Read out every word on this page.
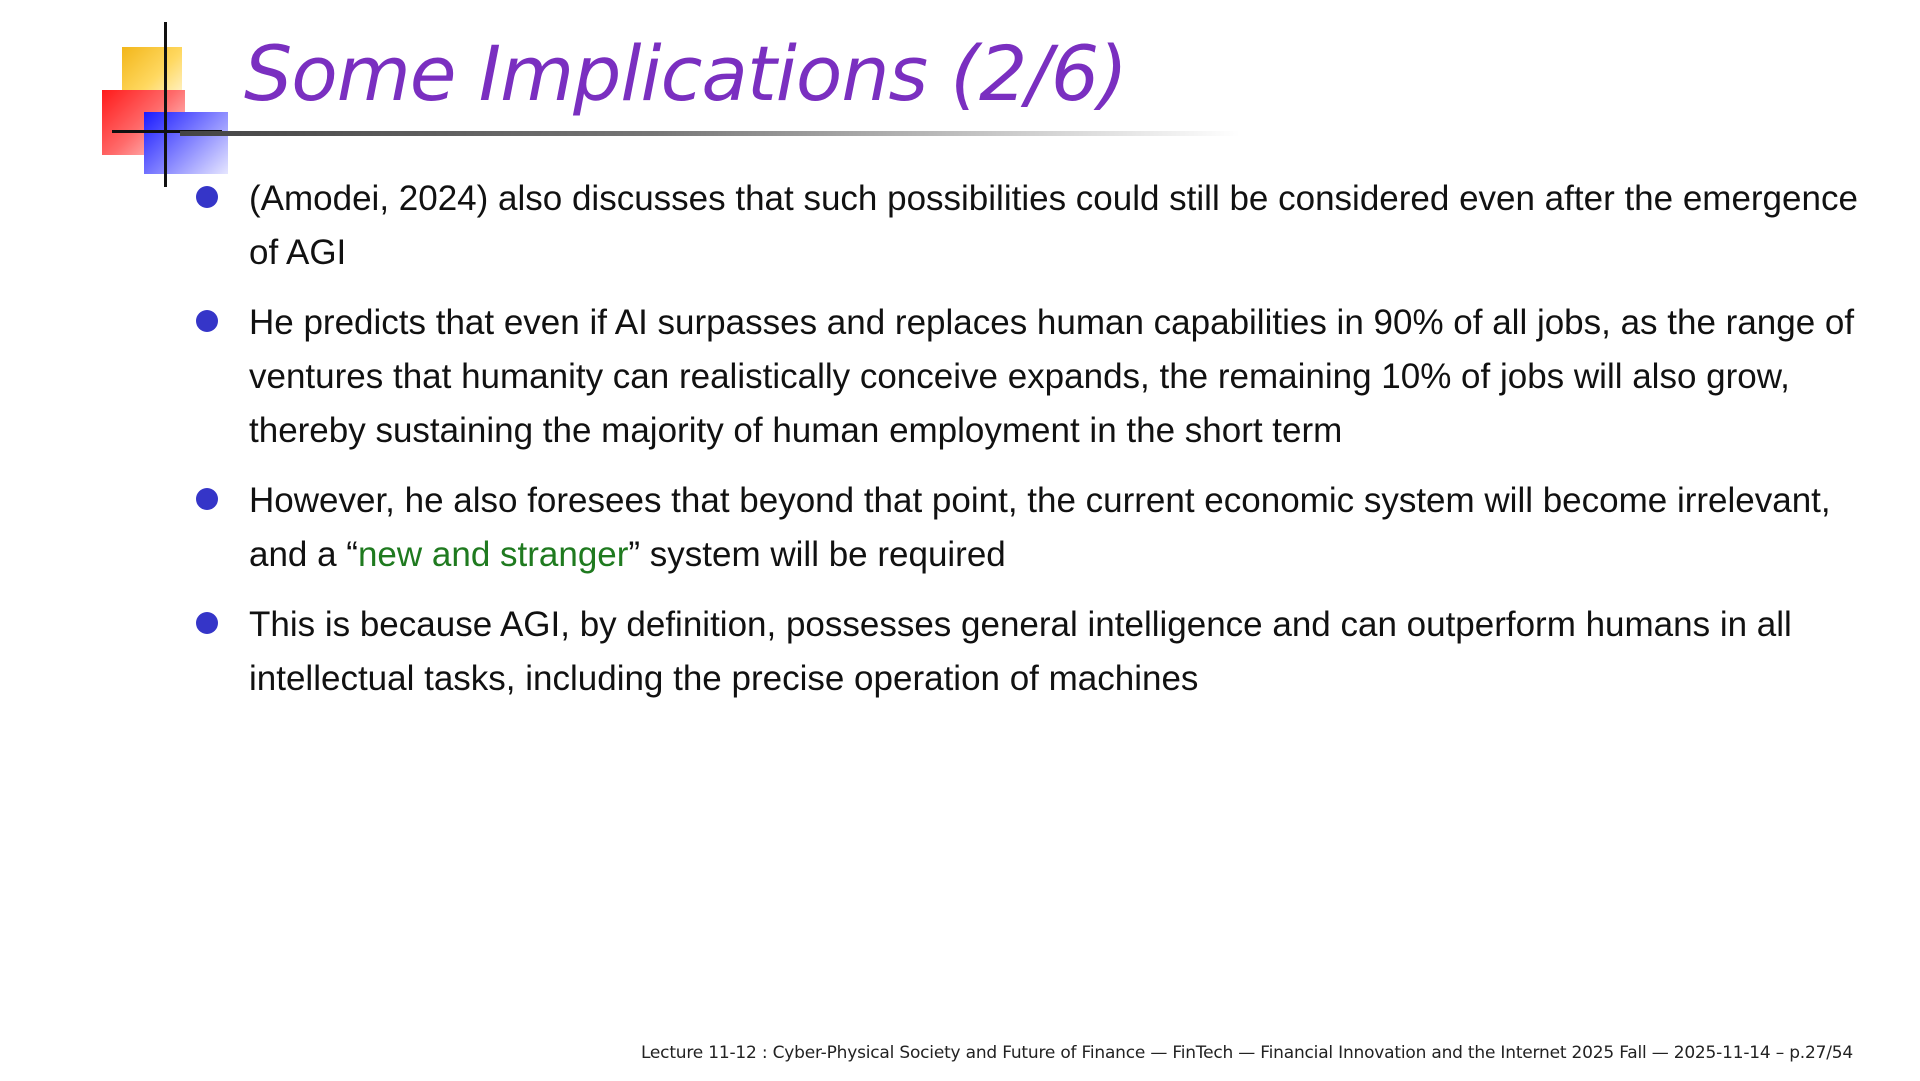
Some Implications (2/6)
(Amodei, 2024) also discusses that such possibilities could still be considered even after the emergence of AGI
He predicts that even if AI surpasses and replaces human capabilities in 90% of all jobs, as the range of ventures that humanity can realistically conceive expands, the remaining 10% of jobs will also grow, thereby sustaining the majority of human employment in the short term
However, he also foresees that beyond that point, the current economic system will become irrelevant, and a “new and stranger” system will be required
This is because AGI, by definition, possesses general intelligence and can outperform humans in all intellectual tasks, including the precise operation of machines
Lecture 11-12 : Cyber-Physical Society and Future of Finance — FinTech — Financial Innovation and the Internet 2025 Fall — 2025-11-14 – p.27/54
